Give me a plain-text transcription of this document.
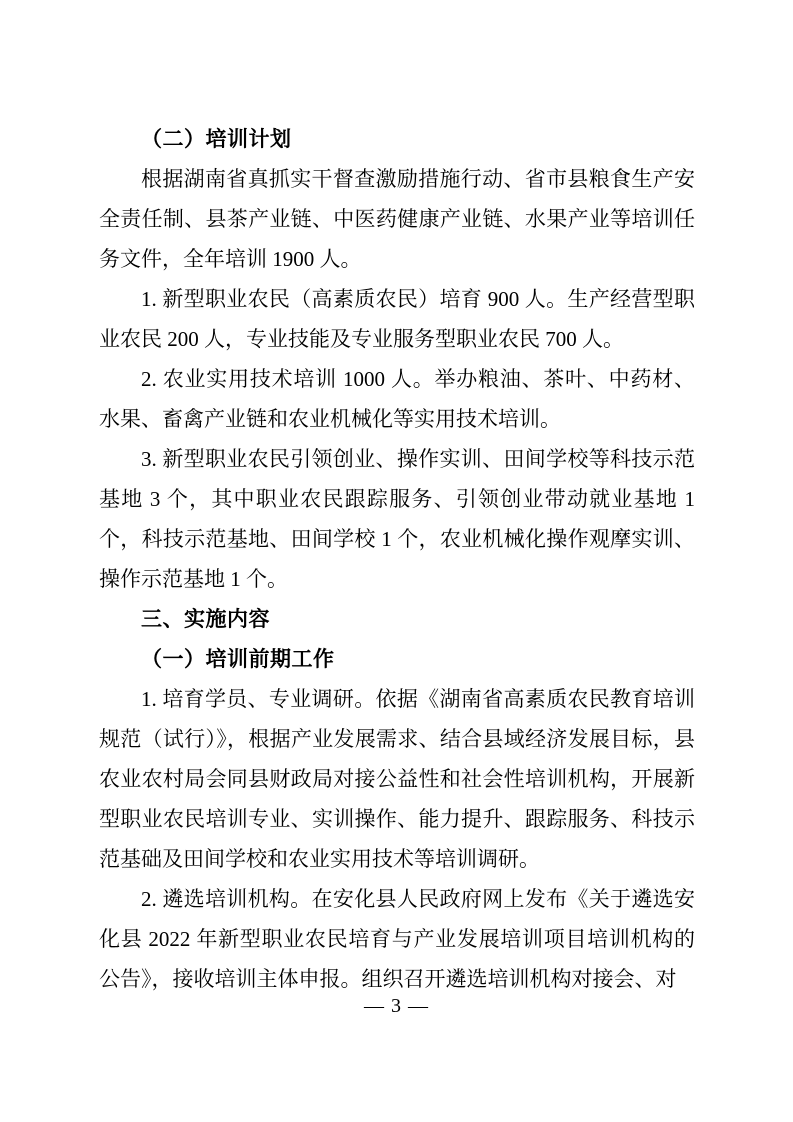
（二）培训计划

根据湖南省真抓实干督查激励措施行动、省市县粮食生产安全责任制、县茶产业链、中医药健康产业链、水果产业等培训任务文件，全年培训 1900 人。

1. 新型职业农民（高素质农民）培育 900 人。生产经营型职业农民 200 人，专业技能及专业服务型职业农民 700 人。

2. 农业实用技术培训 1000 人。举办粮油、茶叶、中药材、水果、畜禽产业链和农业机械化等实用技术培训。

3. 新型职业农民引领创业、操作实训、田间学校等科技示范基地 3 个，其中职业农民跟踪服务、引领创业带动就业基地 1 个，科技示范基地、田间学校 1 个，农业机械化操作观摩实训、操作示范基地 1 个。

三、实施内容
（一）培训前期工作

1. 培育学员、专业调研。依据《湖南省高素质农民教育培训规范（试行）》，根据产业发展需求、结合县域经济发展目标，县农业农村局会同县财政局对接公益性和社会性培训机构，开展新型职业农民培训专业、实训操作、能力提升、跟踪服务、科技示范基础及田间学校和农业实用技术等培训调研。

2. 遴选培训机构。在安化县人民政府网上发布《关于遴选安化县 2022 年新型职业农民培育与产业发展培训项目培训机构的公告》，接收培训主体申报。组织召开遴选培训机构对接会、对

— 3 —
